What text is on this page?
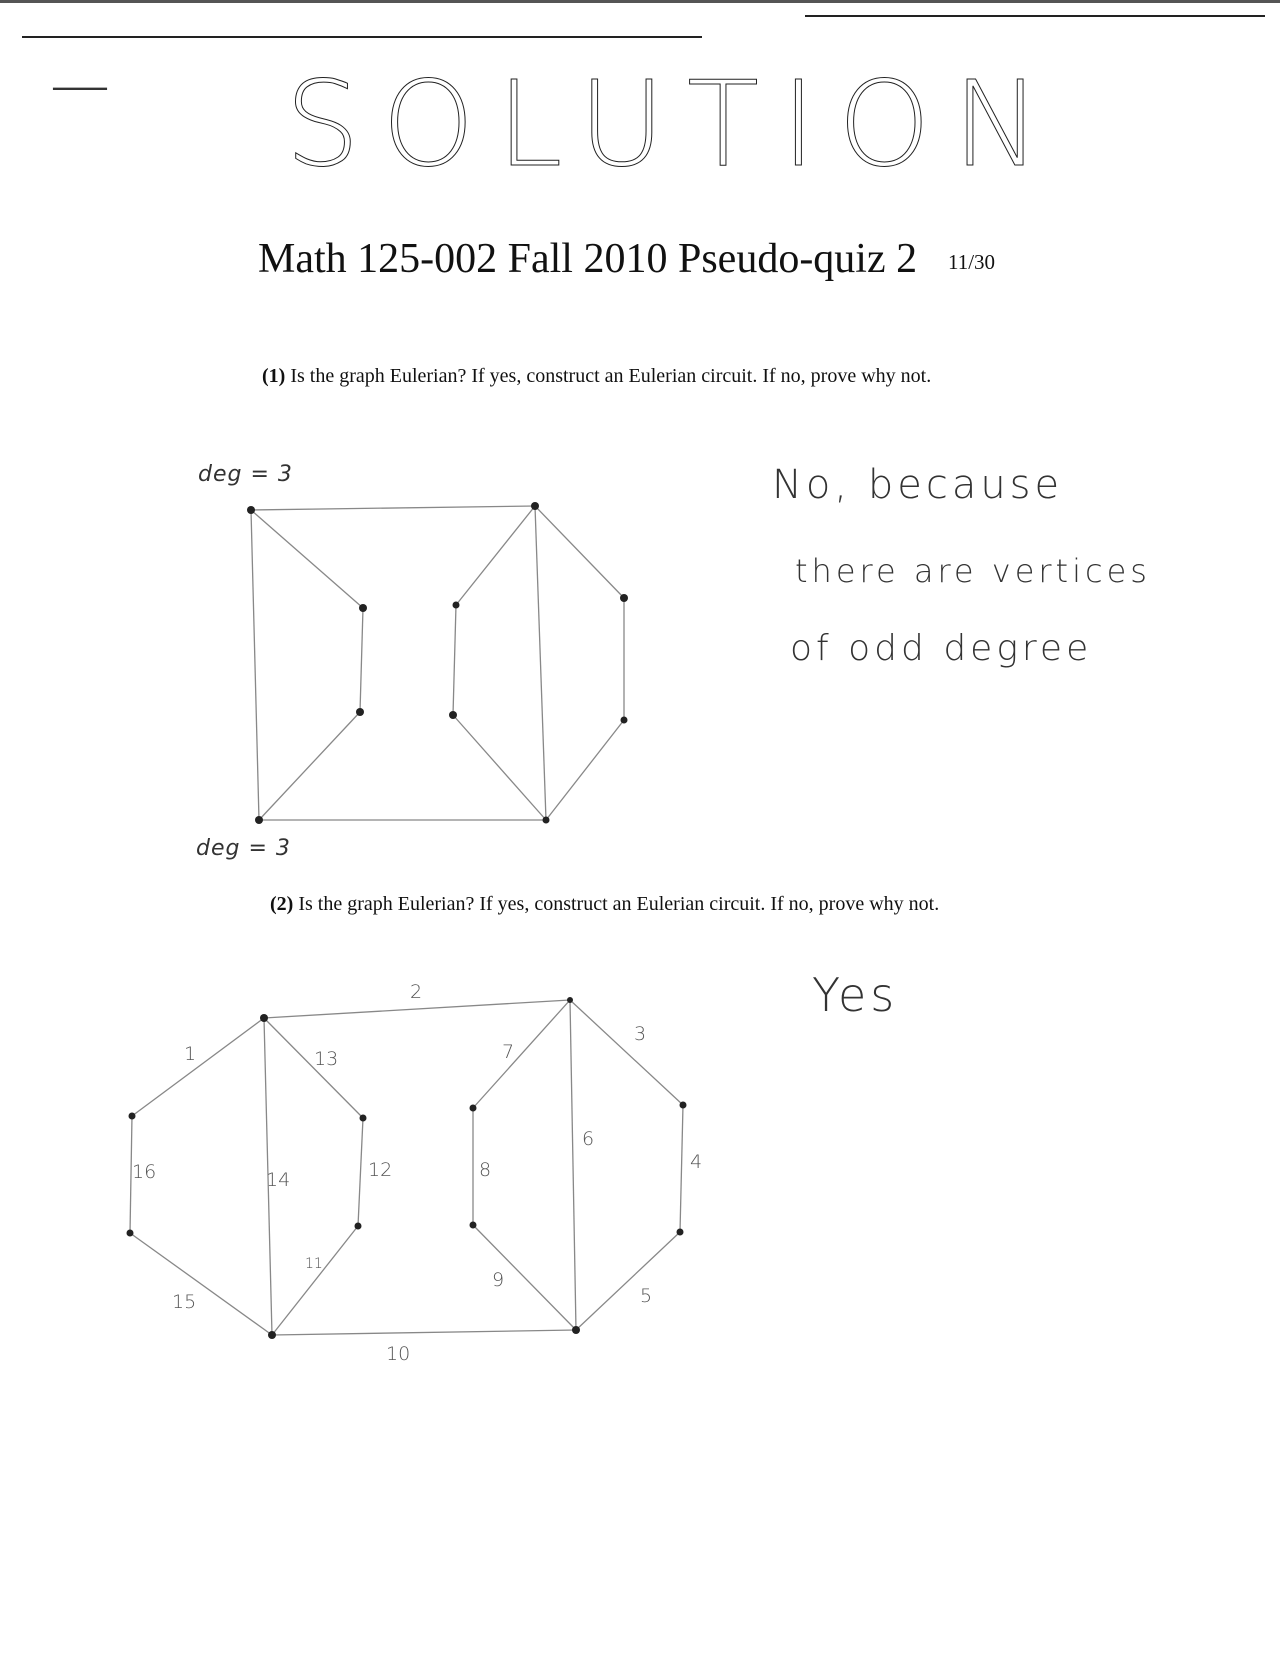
— SOLUTION
Math 125-002 Fall 2010 Pseudo-quiz 2 11/30
(1) Is the graph Eulerian? If yes, construct an Eulerian circuit. If no, prove why not.
deg = 3
deg = 3
No, because
there are vertices
of odd degree
(2) Is the graph Eulerian? If yes, construct an Eulerian circuit. If no, prove why not.
Yes
1
2
3
4
5
6
7
8
9
10
11
12
13
14
15
16
